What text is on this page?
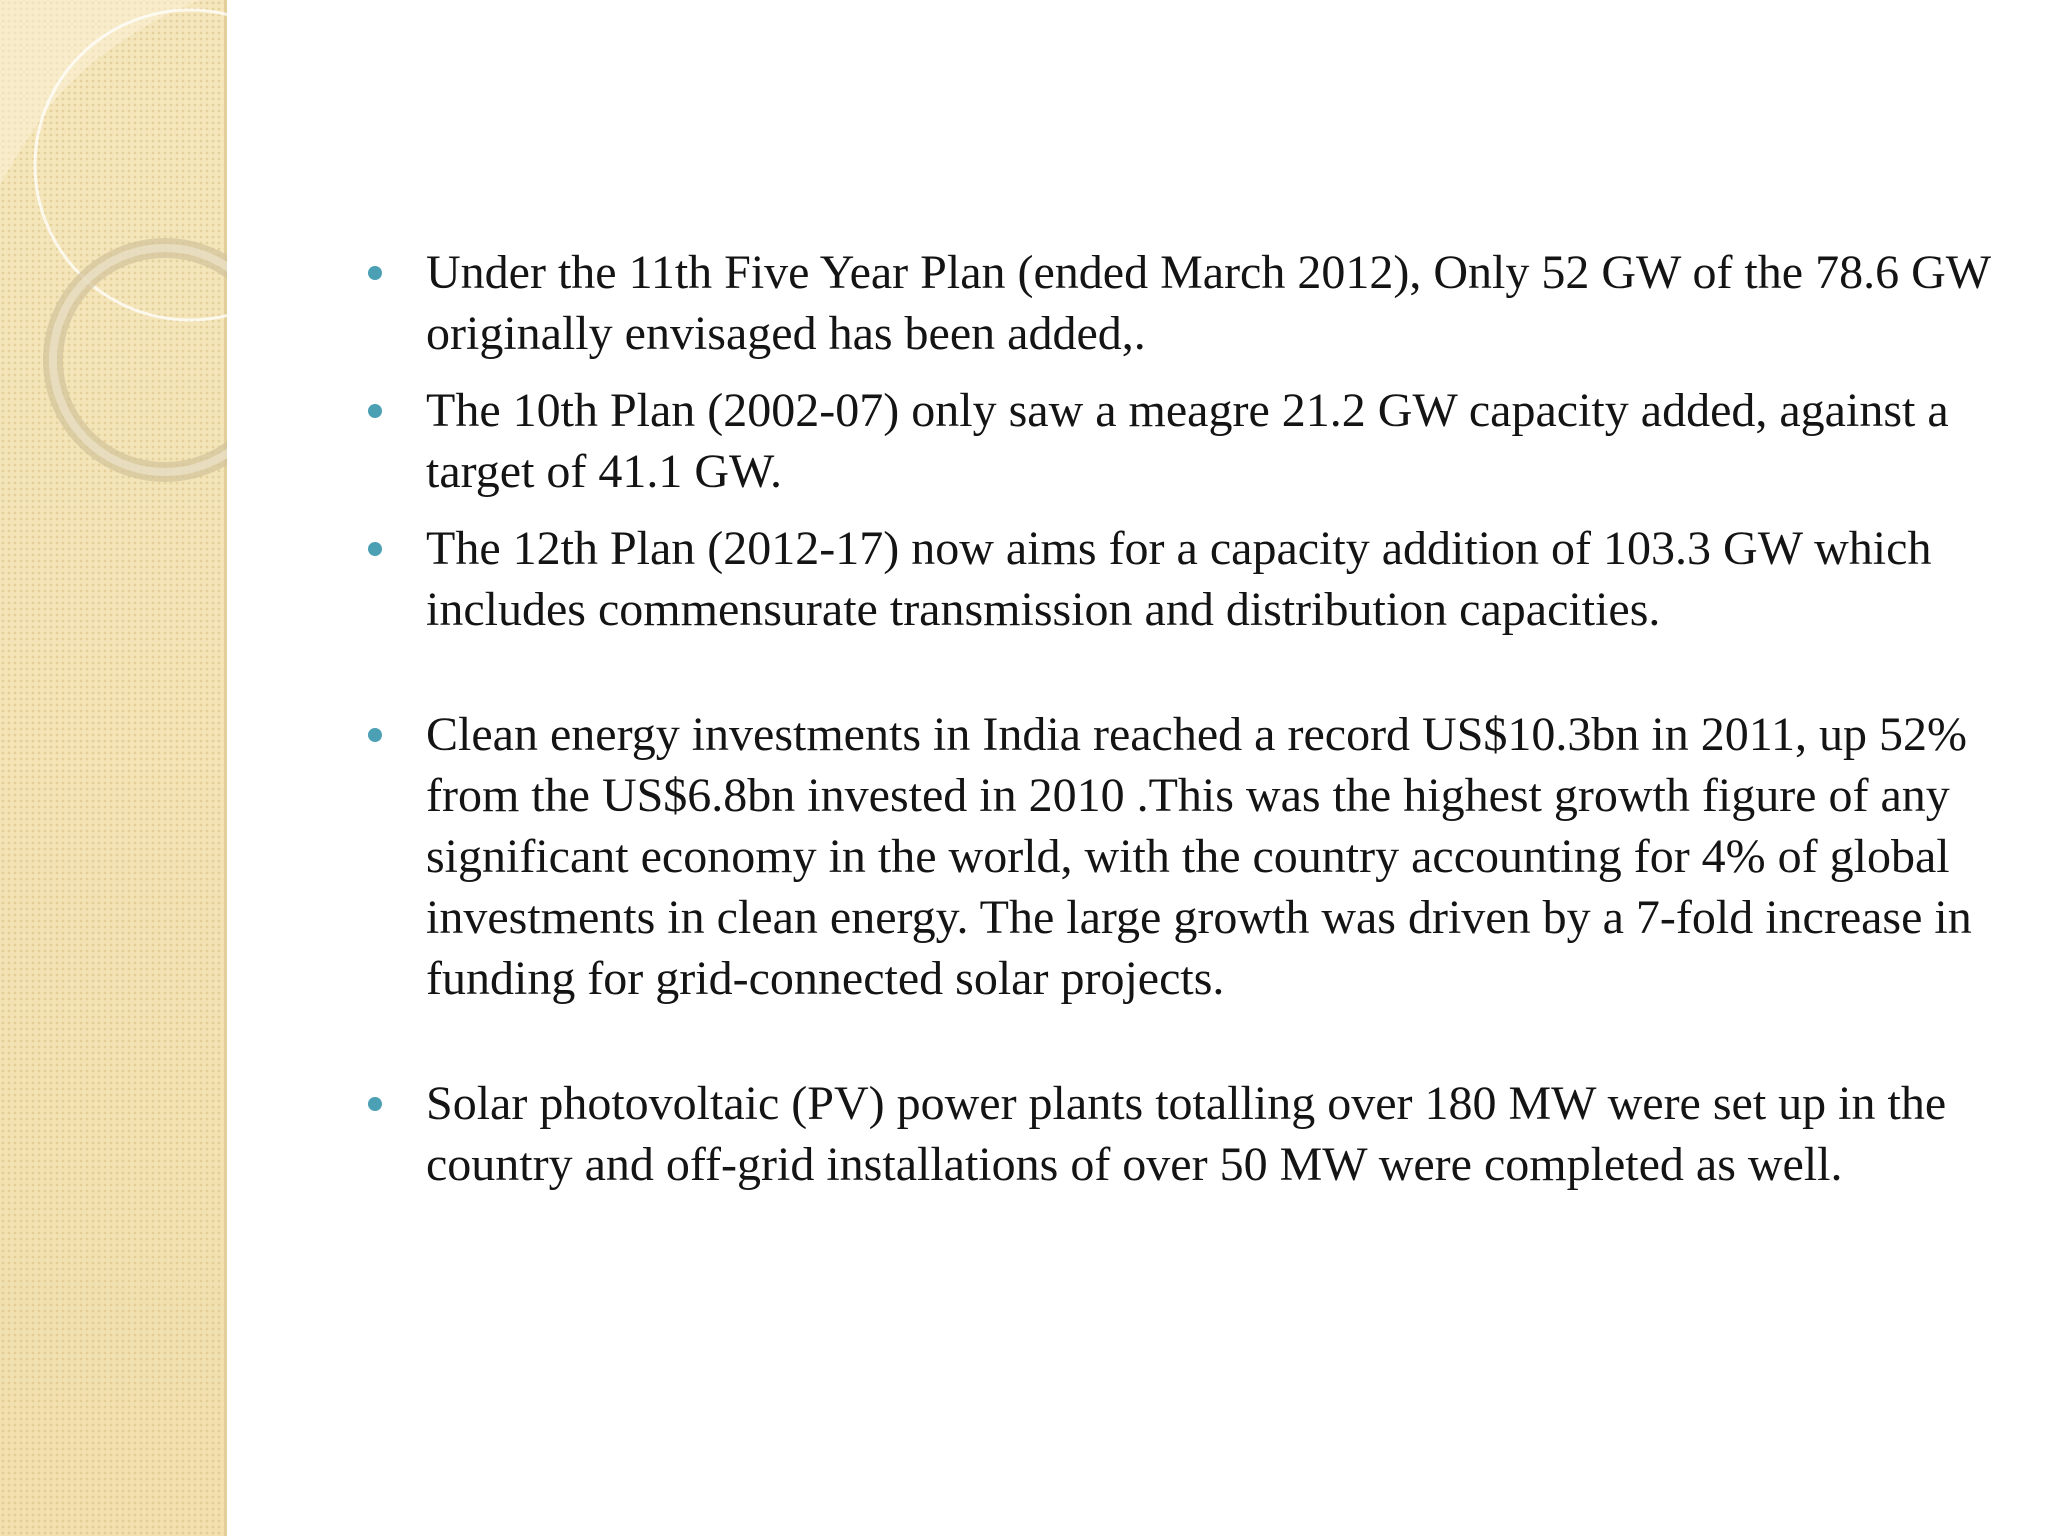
Under the 11th Five Year Plan (ended March 2012), Only 52 GW of the 78.6 GW originally envisaged has been added,.
The 10th Plan (2002-07) only saw a meagre 21.2 GW capacity added, against a target of 41.1 GW.
The 12th Plan (2012-17) now aims for a capacity addition of 103.3 GW which includes commensurate transmission and distribution capacities.
Clean energy investments in India reached a record US$10.3bn in 2011, up 52% from the US$6.8bn invested in 2010 .This was the highest growth figure of any significant economy in the world, with the country accounting for 4% of global investments in clean energy. The large growth was driven by a 7-fold increase in funding for grid-connected solar projects.
Solar photovoltaic (PV) power plants totalling over 180 MW were set up in the country and off-grid installations of over 50 MW were completed as well.
